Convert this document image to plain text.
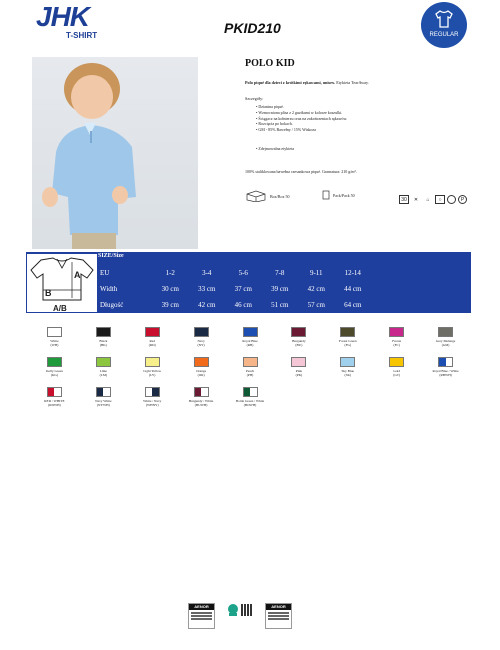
JHK
T-SHIRT	PKID210	REGULAR
POLO KID
Polo piqué dla dzieci z krótkimi rękawami, unisex. Etykieta TearAway.
Szczegóły:
• Dzianina piqué.
• Wzmocniona plisa z 2 guzikami w kolorze koszulki.
• Ściągacz na kołnierzu oraz na zakończeniach rękawów.
• Rozcięcia po bokach.
• GM - 85% Bawełny / 15% Wiskoza
• Zdejmowalna etykieta
100% staliklowana bawełna czesankowa piqué. Gramatura: 210 g/m².
Box/Box 50	Pack/Pack 50
30	✕	⌂	○	P
A
B
A/B
SIZE/Size
EU	1-2	3-4	5-6	7-8	9-11	12-14
Width	30 cm	33 cm	37 cm	39 cm	42 cm	44 cm
Długość	39 cm	42 cm	46 cm	51 cm	57 cm	64 cm
White
(WH)
Black
(BK)
Red
(RD)
Navy
(NY)
Royal Blue
(RB)
Burgundy
(BU)
Forest Green
(FG)
Fucsia
(FC)
Grey Melange
(GM)
Kelly Green
(KG)
Lime
(LM)
Light Yellow
(LY)
Orange
(OR)
Peach
(PH)
Pink
(PK)
Sky Blue
(SK)
Gold
(GT)
Royal Blue / White
(RBWH)
RED / WHITE
(RDWH)
Navy White
(NYWH)
White / Navy
(WHNY)
Burgundy / White
(BUWH)
Bottle Green / White
(BOWH)
AENOR	AENOR
